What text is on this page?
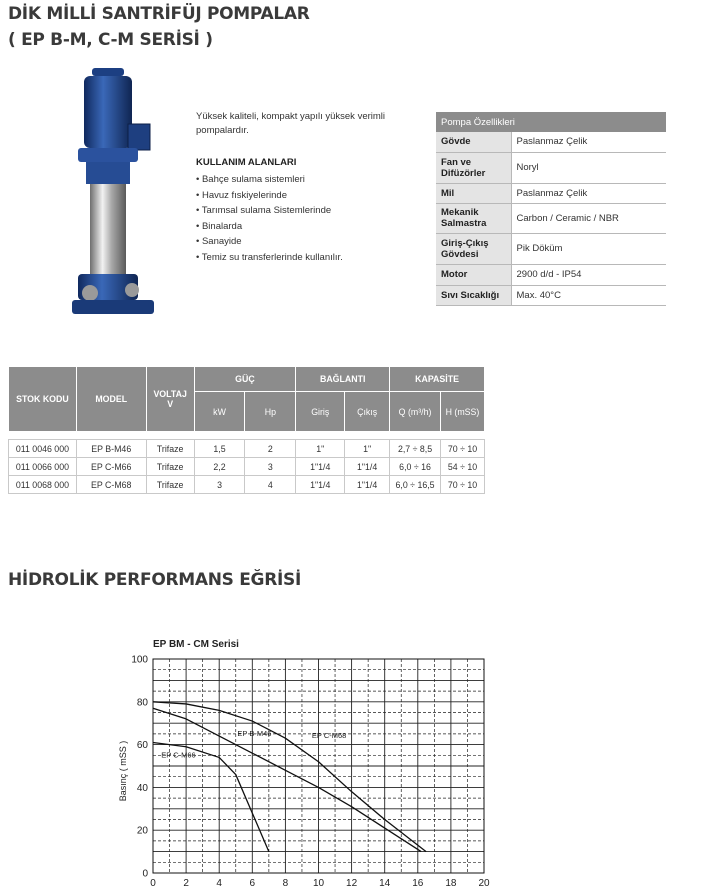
DİK MİLLİ SANTRİFÜJ POMPALAR
( EP B-M, C-M SERİSİ )
Yüksek kaliteli, kompakt yapılı yüksek verimli pompalardır.
KULLANIM ALANLARI
• Bahçe sulama sistemleri
• Havuz fıskiyelerinde
• Tarımsal sulama Sistemlerinde
• Binalarda
• Sanayide
• Temiz su transferlerinde kullanılır.
Pompa Özellikleri	
Gövde	Paslanmaz Çelik
Fan ve
Difüzörler	Noryl
Mil	Paslanmaz Çelik
Mekanik
Salmastra	Carbon / Ceramic / NBR
Giriş-Çıkış
Gövdesi	Pik Döküm
Motor	2900 d/d - IP54
Sıvı Sıcaklığı	Max. 40°C
STOK KODU	MODEL	VOLTAJ
V	GÜÇ		BAĞLANTI		KAPASİTE	
			kW	Hp	Giriş	Çıkış	Q (m³/h)	H (mSS)

011 0046 000	EP B-M46	Trifaze	1,5	2	1"	1"	2,7 ÷ 8,5	70 ÷ 10
011 0066 000	EP C-M66	Trifaze	2,2	3	1"1/4	1"1/4	6,0 ÷ 16	54 ÷ 10
011 0068 000	EP C-M68	Trifaze	3	4	1"1/4	1"1/4	6,0 ÷ 16,5	70 ÷ 10
HİDROLİK PERFORMANS EĞRİSİ
EP BM - CM Serisi
0	2	4	6	8 10 12 14 16 18 20
0
20
40
60
80
100
Basınç ( mSS )
EP B-M46
EP C-M66
EP C-M68
